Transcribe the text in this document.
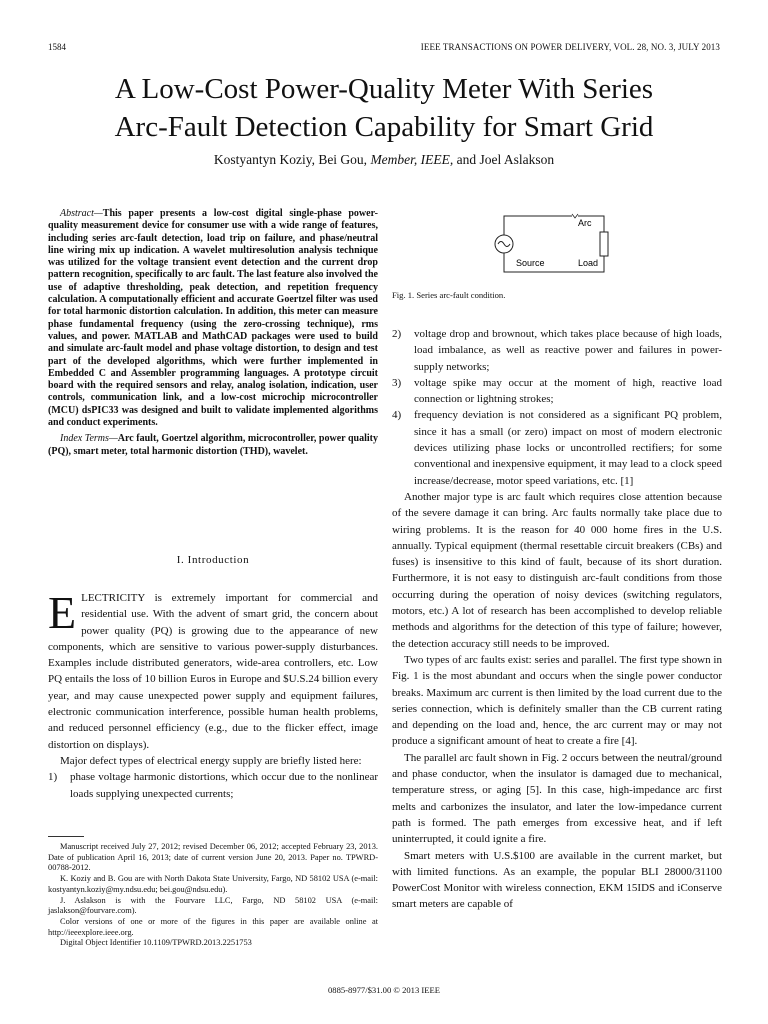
1584	IEEE TRANSACTIONS ON POWER DELIVERY, VOL. 28, NO. 3, JULY 2013
A Low-Cost Power-Quality Meter With Series
Arc-Fault Detection Capability for Smart Grid
Kostyantyn Koziy, Bei Gou, Member, IEEE, and Joel Aslakson

Abstract—This paper presents a low-cost digital single-phase power-quality measurement device for consumer use with a wide range of features, including series arc-fault detection, load trip on failure, and phase/neutral line wiring mix up indication. A wavelet multiresolution analysis technique was utilized for the voltage transient event detection and the current drop pattern recognition, specifically to arc fault. The last feature also involved the use of adaptive thresholding, peak detection, and repetition frequency calculation. A computationally efficient and accurate Goertzel filter was used for total harmonic distortion calculation. In addition, this meter can measure phase fundamental frequency (using the zero-crossing technique), rms values, and power. MATLAB and MathCAD packages were used to build and simulate arc-fault model and phase voltage distortion, to design and test part of the developed algorithms, which were further implemented in Embedded C and Assembler programming languages. A prototype circuit board with the required sensors and relay, analog isolation, indication, user controls, communication link, and a low-cost microchip microcontroller (MCU) dsPIC33 was designed and built to validate implemented algorithms and conduct experiments.

Index Terms—Arc fault, Goertzel algorithm, microcontroller, power quality (PQ), smart meter, total harmonic distortion (THD), wavelet.

I. Introduction

ELECTRICITY is extremely important for commercial and residential use. With the advent of smart grid, the concern about power quality (PQ) is growing due to the appearance of new components, which are sensitive to various power-supply disturbances. Examples include distributed generators, wide-area controllers, etc. Low PQ entails the loss of 10 billion Euros in Europe and $U.S.24 billion every year, and may cause unexpected power supply and equipment failures, electronic communication interference, possible human health problems, and reduced personnel efficiency (e.g., due to the flicker effect, image distortion on displays).

Major defect types of electrical energy supply are briefly listed here:

1) phase voltage harmonic distortions, which occur due to the nonlinear loads supplying unexpected currents;

Manuscript received July 27, 2012; revised December 06, 2012; accepted February 23, 2013. Date of publication April 16, 2013; date of current version June 20, 2013. Paper no. TPWRD-00788-2012.

K. Koziy and B. Gou are with North Dakota State University, Fargo, ND 58102 USA (e-mail: kostyantyn.koziy@my.ndsu.edu; bei.gou@ndsu.edu).

J. Aslakson is with the Fourvare LLC, Fargo, ND 58102 USA (e-mail: jaslakson@fourvare.com).

Color versions of one or more of the figures in this paper are available online at http://ieeexplore.ieee.org.

Digital Object Identifier 10.1109/TPWRD.2013.2251753

Arc
Source	Load
Fig. 1. Series arc-fault condition.
2) voltage drop and brownout, which takes place because of high loads, load imbalance, as well as reactive power and failures in power-supply networks;
3) voltage spike may occur at the moment of high, reactive load connection or lightning strokes;
4) frequency deviation is not considered as a significant PQ problem, since it has a small (or zero) impact on most of modern electronic devices utilizing phase locks or uncontrolled rectifiers; for some conventional and inexpensive equipment, it may lead to a clock speed increase/decrease, motor speed variations, etc. [1]

Another major type is arc fault which requires close attention because of the severe damage it can bring. Arc faults normally take place due to wiring problems. It is the reason for 40 000 home fires in the U.S. annually. Typical equipment (thermal resettable circuit breakers (CBs) and fuses) is insensitive to this kind of fault, because of its short duration. Furthermore, it is not easy to distinguish arc-fault conditions from those occurring during the operation of noisy devices (switching regulators, motors, etc.) A lot of research has been accomplished to develop reliable methods and algorithms for the detection of this type of failure; however, the detection accuracy still needs to be improved.

Two types of arc faults exist: series and parallel. The first type shown in Fig. 1 is the most abundant and occurs when the single power conductor breaks. Maximum arc current is then limited by the load current due to the series connection, which is definitely smaller than the CB current rating and depending on the load and, hence, the arc current may or may not produce a significant amount of heat to create a fire [4].

The parallel arc fault shown in Fig. 2 occurs between the neutral/ground and phase conductor, when the insulator is damaged due to mechanical, temperature stress, or aging [5]. In this case, high-impedance arc first melts and carbonizes the insulator, and later the low-impedance current path is formed. The path emerges from excessive heat, and if left uninterrupted, it could ignite a fire.

Smart meters with U.S.$100 are available in the current market, but with limited functions. As an example, the popular BLI 28000/31100 PowerCost Monitor with wireless connection, EKM 15IDS and iConserve smart meters are capable of

0885-8977/$31.00 © 2013 IEEE
